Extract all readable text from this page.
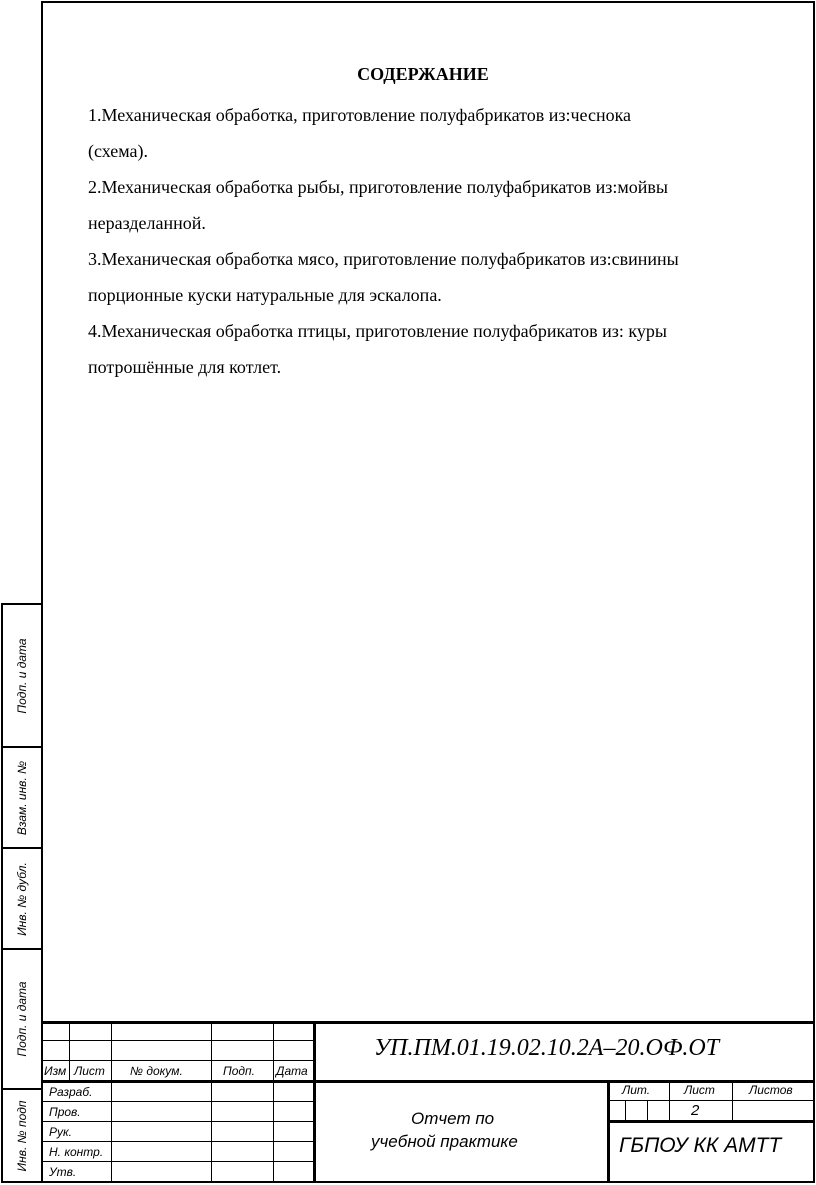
Подп. и дата
Взам. инв. №
Инв. № дубл.
Подп. и дата
Инв. № подп
СОДЕРЖАНИЕ
1.Механическая обработка, приготовление полуфабрикатов из:чеснока
(схема).
2.Механическая обработка рыбы, приготовление полуфабрикатов из:мойвы
неразделанной.
3.Механическая обработка мясо, приготовление полуфабрикатов из:свинины
порционные куски натуральные для эскалопа.
4.Механическая обработка птицы, приготовление полуфабрикатов из: куры
потрошённые для котлет.
УП.ПМ.01.19.02.10.2А–20.ОФ.ОТ
Изм Лист № докум.	Подп. Дата
Разраб.
Пров.
Рук.
Н. контр.
Утв.
Отчет по
учебной практике
Лит.	Лист	Листов
2
ГБПОУ КК АМТТ
